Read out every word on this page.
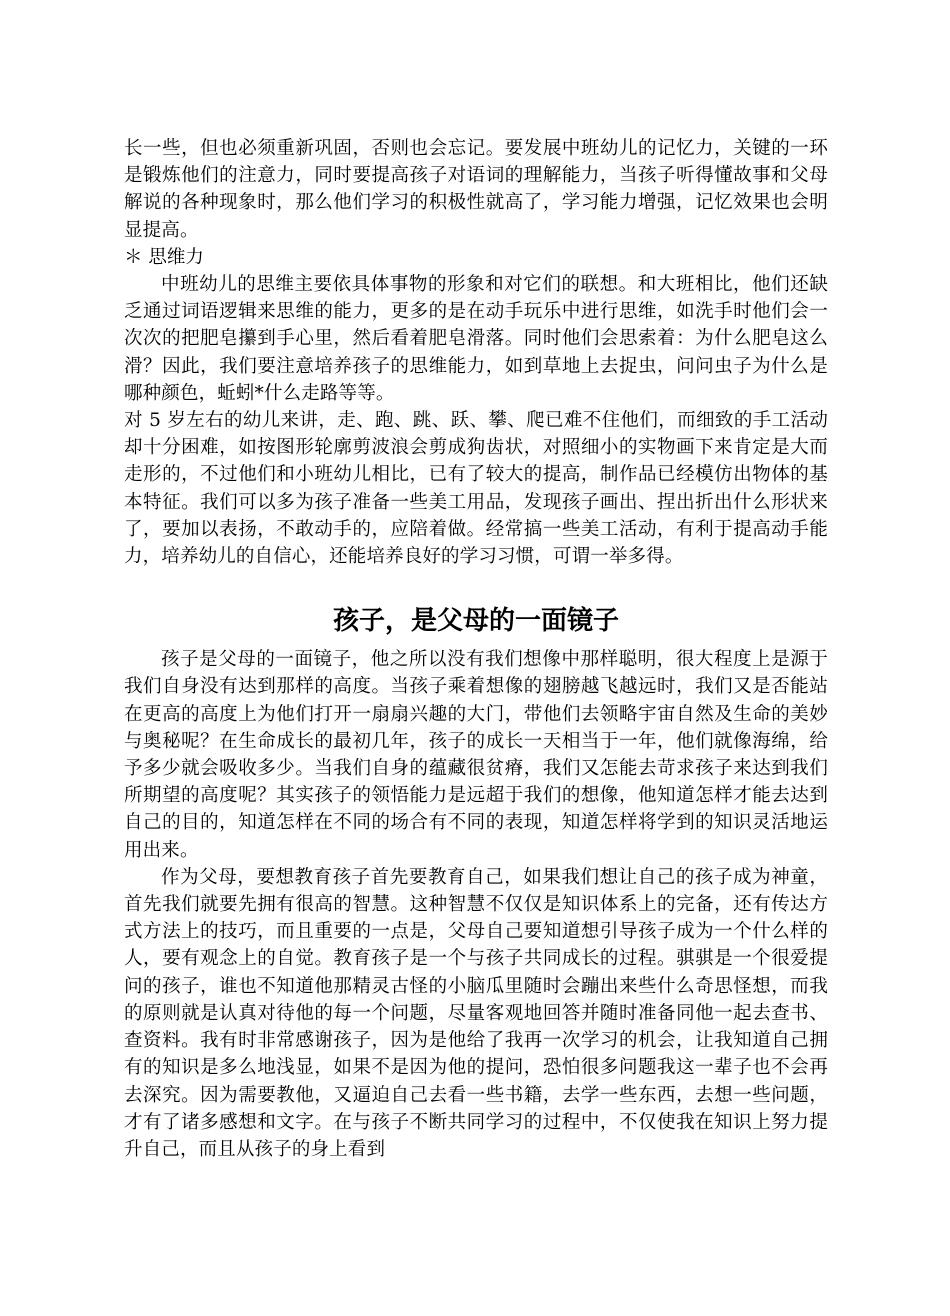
长一些，但也必须重新巩固，否则也会忘记。要发展中班幼儿的记忆力，关键的一环是锻炼他们的注意力，同时要提高孩子对语词的理解能力，当孩子听得懂故事和父母解说的各种现象时，那么他们学习的积极性就高了，学习能力增强，记忆效果也会明显提高。

＊ 思维力

中班幼儿的思维主要依具体事物的形象和对它们的联想。和大班相比，他们还缺乏通过词语逻辑来思维的能力，更多的是在动手玩乐中进行思维，如洗手时他们会一次次的把肥皂攥到手心里，然后看着肥皂滑落。同时他们会思索着：为什么肥皂这么滑？因此，我们要注意培养孩子的思维能力，如到草地上去捉虫，问问虫子为什么是哪种颜色，蚯蚓*什么走路等等。

对 5 岁左右的幼儿来讲，走、跑、跳、跃、攀、爬已难不住他们，而细致的手工活动却十分困难，如按图形轮廓剪波浪会剪成狗齿状，对照细小的实物画下来肯定是大而走形的，不过他们和小班幼儿相比，已有了较大的提高，制作品已经模仿出物体的基本特征。我们可以多为孩子准备一些美工用品，发现孩子画出、捏出折出什么形状来了，要加以表扬，不敢动手的，应陪着做。经常搞一些美工活动，有利于提高动手能力，培养幼儿的自信心，还能培养良好的学习习惯，可谓一举多得。

孩子，是父母的一面镜子

孩子是父母的一面镜子，他之所以没有我们想像中那样聪明，很大程度上是源于我们自身没有达到那样的高度。当孩子乘着想像的翅膀越飞越远时，我们又是否能站在更高的高度上为他们打开一扇扇兴趣的大门，带他们去领略宇宙自然及生命的美妙与奥秘呢？在生命成长的最初几年，孩子的成长一天相当于一年，他们就像海绵，给予多少就会吸收多少。当我们自身的蕴藏很贫瘠，我们又怎能去苛求孩子来达到我们所期望的高度呢？其实孩子的领悟能力是远超于我们的想像，他知道怎样才能去达到自己的目的，知道怎样在不同的场合有不同的表现，知道怎样将学到的知识灵活地运用出来。

作为父母，要想教育孩子首先要教育自己，如果我们想让自己的孩子成为神童，首先我们就要先拥有很高的智慧。这种智慧不仅仅是知识体系上的完备，还有传达方式方法上的技巧，而且重要的一点是，父母自己要知道想引导孩子成为一个什么样的人，要有观念上的自觉。教育孩子是一个与孩子共同成长的过程。骐骐是一个很爱提问的孩子，谁也不知道他那精灵古怪的小脑瓜里随时会蹦出来些什么奇思怪想，而我的原则就是认真对待他的每一个问题，尽量客观地回答并随时准备同他一起去查书、查资料。我有时非常感谢孩子，因为是他给了我再一次学习的机会，让我知道自己拥有的知识是多么地浅显，如果不是因为他的提问，恐怕很多问题我这一辈子也不会再去深究。因为需要教他，又逼迫自己去看一些书籍，去学一些东西，去想一些问题，才有了诸多感想和文字。在与孩子不断共同学习的过程中，不仅使我在知识上努力提升自己，而且从孩子的身上看到
